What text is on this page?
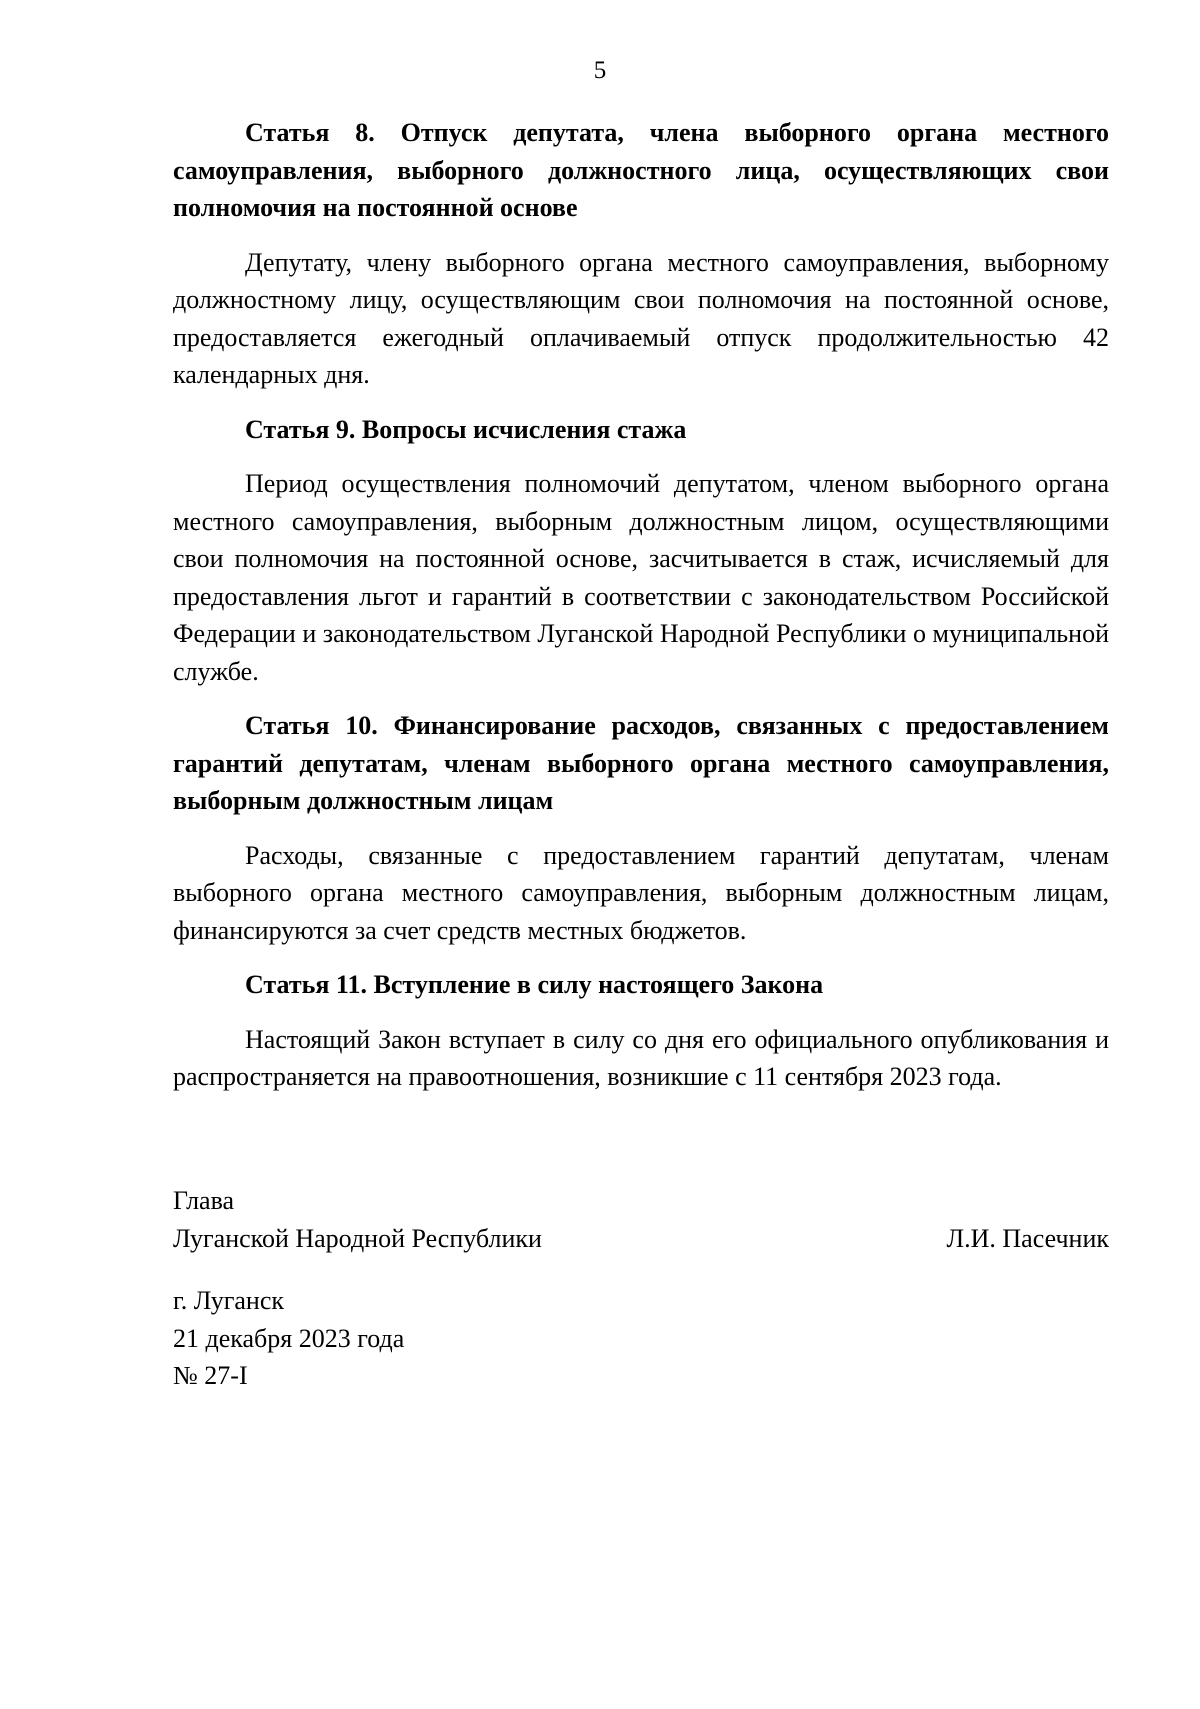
5

Статья 8. Отпуск депутата, члена выборного органа местного самоуправления, выборного должностного лица, осуществляющих свои полномочия на постоянной основе

Депутату, члену выборного органа местного самоуправления, выборному должностному лицу, осуществляющим свои полномочия на постоянной основе, предоставляется ежегодный оплачиваемый отпуск продолжительностью 42 календарных дня.

Статья 9. Вопросы исчисления стажа

Период осуществления полномочий депутатом, членом выборного органа местного самоуправления, выборным должностным лицом, осуществляющими свои полномочия на постоянной основе, засчитывается в стаж, исчисляемый для предоставления льгот и гарантий в соответствии с законодательством Российской Федерации и законодательством Луганской Народной Республики о муниципальной службе.

Статья 10. Финансирование расходов, связанных с предоставлением гарантий депутатам, членам выборного органа местного самоуправления, выборным должностным лицам

Расходы, связанные с предоставлением гарантий депутатам, членам выборного органа местного самоуправления, выборным должностным лицам, финансируются за счет средств местных бюджетов.

Статья 11. Вступление в силу настоящего Закона

Настоящий Закон вступает в силу со дня его официального опубликования и распространяется на правоотношения, возникшие с 11 сентября 2023 года.

Глава
Луганской Народной Республики	Л.И. Пасечник
г. Луганск
21 декабря 2023 года
№ 27-I
